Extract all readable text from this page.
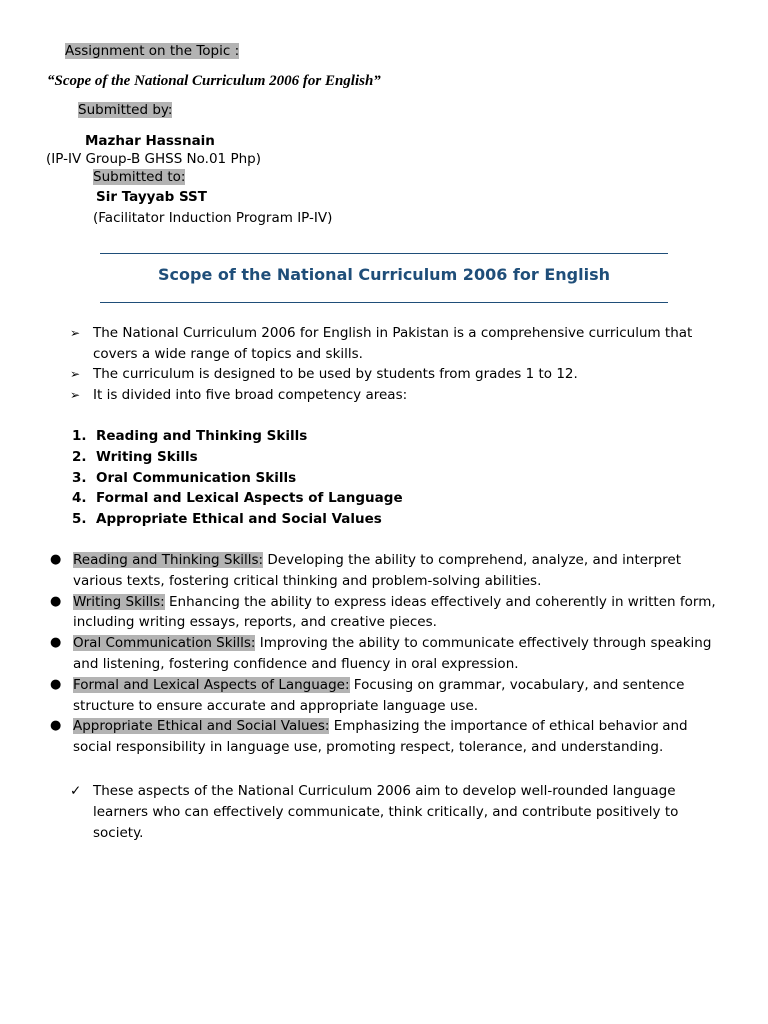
Assignment on the Topic :
“Scope of the National Curriculum 2006 for English”
Submitted by:
Mazhar Hassnain
(IP-IV Group-B GHSS No.01 Php)
Submitted to:
Sir Tayyab SST
(Facilitator Induction Program IP-IV)
Scope of the National Curriculum 2006 for English
➢ The National Curriculum 2006 for English in Pakistan is a comprehensive curriculum that covers a wide range of topics and skills.
➢ The curriculum is designed to be used by students from grades 1 to 12.
➢ It is divided into five broad competency areas:
1. Reading and Thinking Skills
2. Writing Skills
3. Oral Communication Skills
4. Formal and Lexical Aspects of Language
5. Appropriate Ethical and Social Values
● Reading and Thinking Skills: Developing the ability to comprehend, analyze, and interpret various texts, fostering critical thinking and problem-solving abilities.
● Writing Skills: Enhancing the ability to express ideas effectively and coherently in written form, including writing essays, reports, and creative pieces.
● Oral Communication Skills: Improving the ability to communicate effectively through speaking and listening, fostering confidence and fluency in oral expression.
● Formal and Lexical Aspects of Language: Focusing on grammar, vocabulary, and sentence structure to ensure accurate and appropriate language use.
● Appropriate Ethical and Social Values: Emphasizing the importance of ethical behavior and social responsibility in language use, promoting respect, tolerance, and understanding.
✓ These aspects of the National Curriculum 2006 aim to develop well-rounded language learners who can effectively communicate, think critically, and contribute positively to society.
